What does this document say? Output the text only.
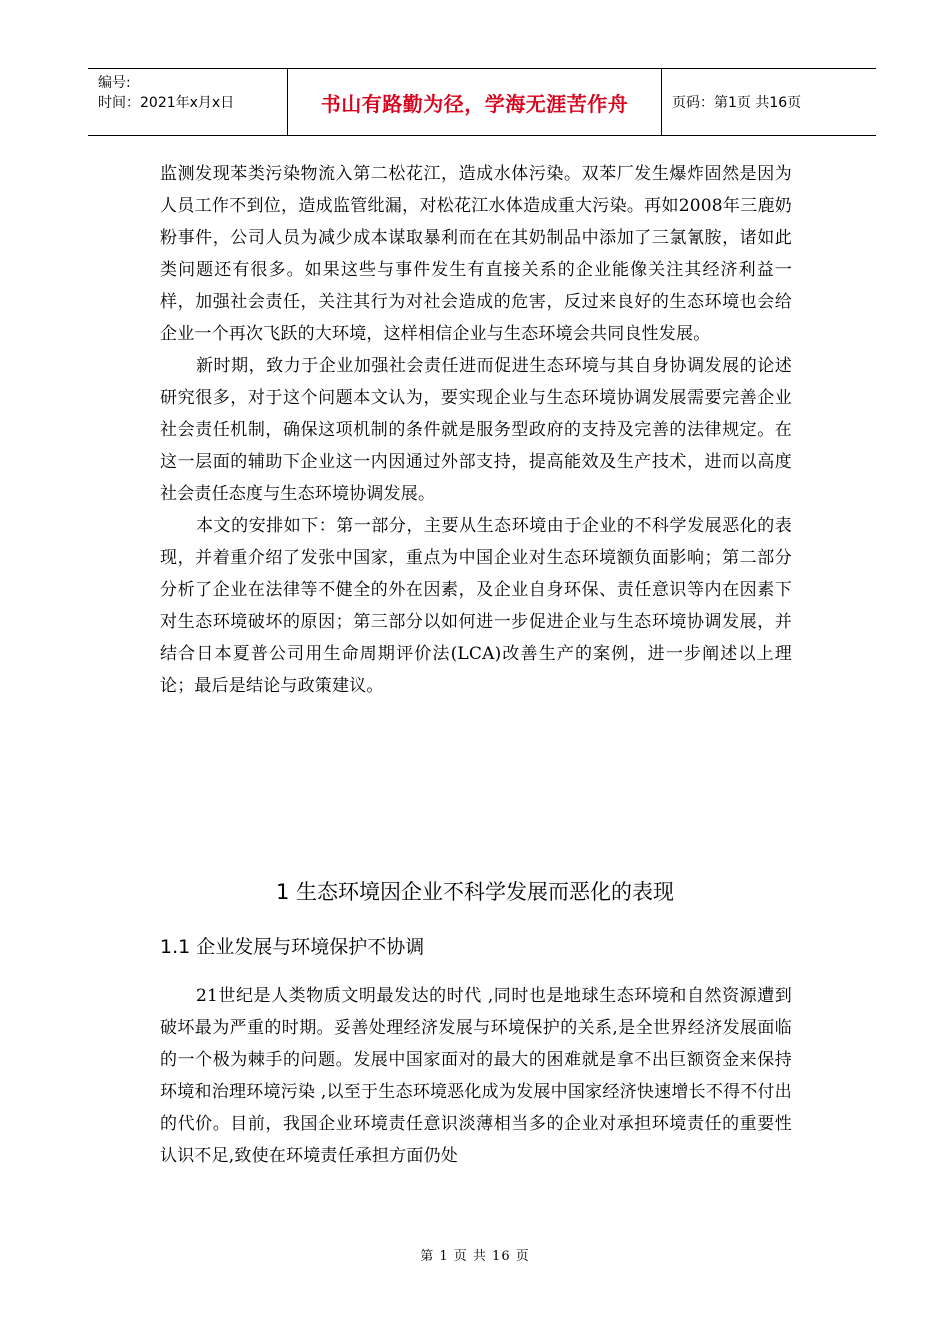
编号:
时间：2021年x月x日	书山有路勤为径，学海无涯苦作舟	页码：第1页 共16页

监测发现苯类污染物流入第二松花江，造成水体污染。双苯厂发生爆炸固然是因为人员工作不到位，造成监管纰漏，对松花江水体造成重大污染。再如2008年三鹿奶粉事件，公司人员为减少成本谋取暴利而在在其奶制品中添加了三氯氰胺，诸如此类问题还有很多。如果这些与事件发生有直接关系的企业能像关注其经济利益一样，加强社会责任，关注其行为对社会造成的危害，反过来良好的生态环境也会给企业一个再次飞跃的大环境，这样相信企业与生态环境会共同良性发展。

新时期，致力于企业加强社会责任进而促进生态环境与其自身协调发展的论述研究很多，对于这个问题本文认为，要实现企业与生态环境协调发展需要完善企业社会责任机制，确保这项机制的条件就是服务型政府的支持及完善的法律规定。在这一层面的辅助下企业这一内因通过外部支持，提高能效及生产技术，进而以高度社会责任态度与生态环境协调发展。

本文的安排如下：第一部分，主要从生态环境由于企业的不科学发展恶化的表现，并着重介绍了发张中国家，重点为中国企业对生态环境额负面影响；第二部分分析了企业在法律等不健全的外在因素，及企业自身环保、责任意识等内在因素下对生态环境破坏的原因；第三部分以如何进一步促进企业与生态环境协调发展，并结合日本夏普公司用生命周期评价法(LCA)改善生产的案例，进一步阐述以上理论；最后是结论与政策建议。

1 生态环境因企业不科学发展而恶化的表现
1.1 企业发展与环境保护不协调

21世纪是人类物质文明最发达的时代 ,同时也是地球生态环境和自然资源遭到破坏最为严重的时期。妥善处理经济发展与环境保护的关系,是全世界经济发展面临的一个极为棘手的问题。发展中国家面对的最大的困难就是拿不出巨额资金来保持环境和治理环境污染 ,以至于生态环境恶化成为发展中国家经济快速增长不得不付出的代价。目前，我国企业环境责任意识淡薄相当多的企业对承担环境责任的重要性认识不足,致使在环境责任承担方面仍处

第 1 页 共 16 页
